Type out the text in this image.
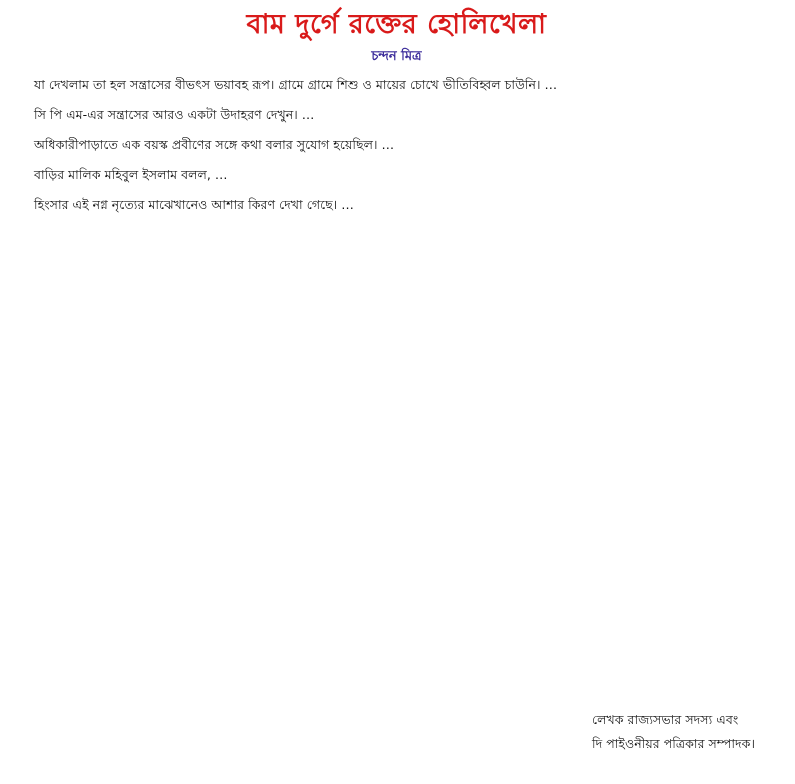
বাম দুর্গে রক্তের হোলিখেলা
চন্দন মিত্র

যা দেখলাম তা হল সন্ত্রাসের বীভৎস ভয়াবহ রূপ। গ্রামে গ্রামে শিশু ও মায়ের চোখে ভীতিবিহ্বল চাউনি। …

সি পি এম-এর সন্ত্রাসের আরও একটা উদাহরণ দেখুন। …

অধিকারীপাড়াতে এক বয়স্ক প্রবীণের সঙ্গে কথা বলার সুযোগ হয়েছিল। …

বাড়ির মালিক মহিবুল ইসলাম বলল, …

হিংসার এই নগ্ন নৃত্যের মাঝেখানেও আশার কিরণ দেখা গেছে। …

লেখক রাজ্যসভার সদস্য এবং
দি পাইওনীয়র পত্রিকার সম্পাদক।
